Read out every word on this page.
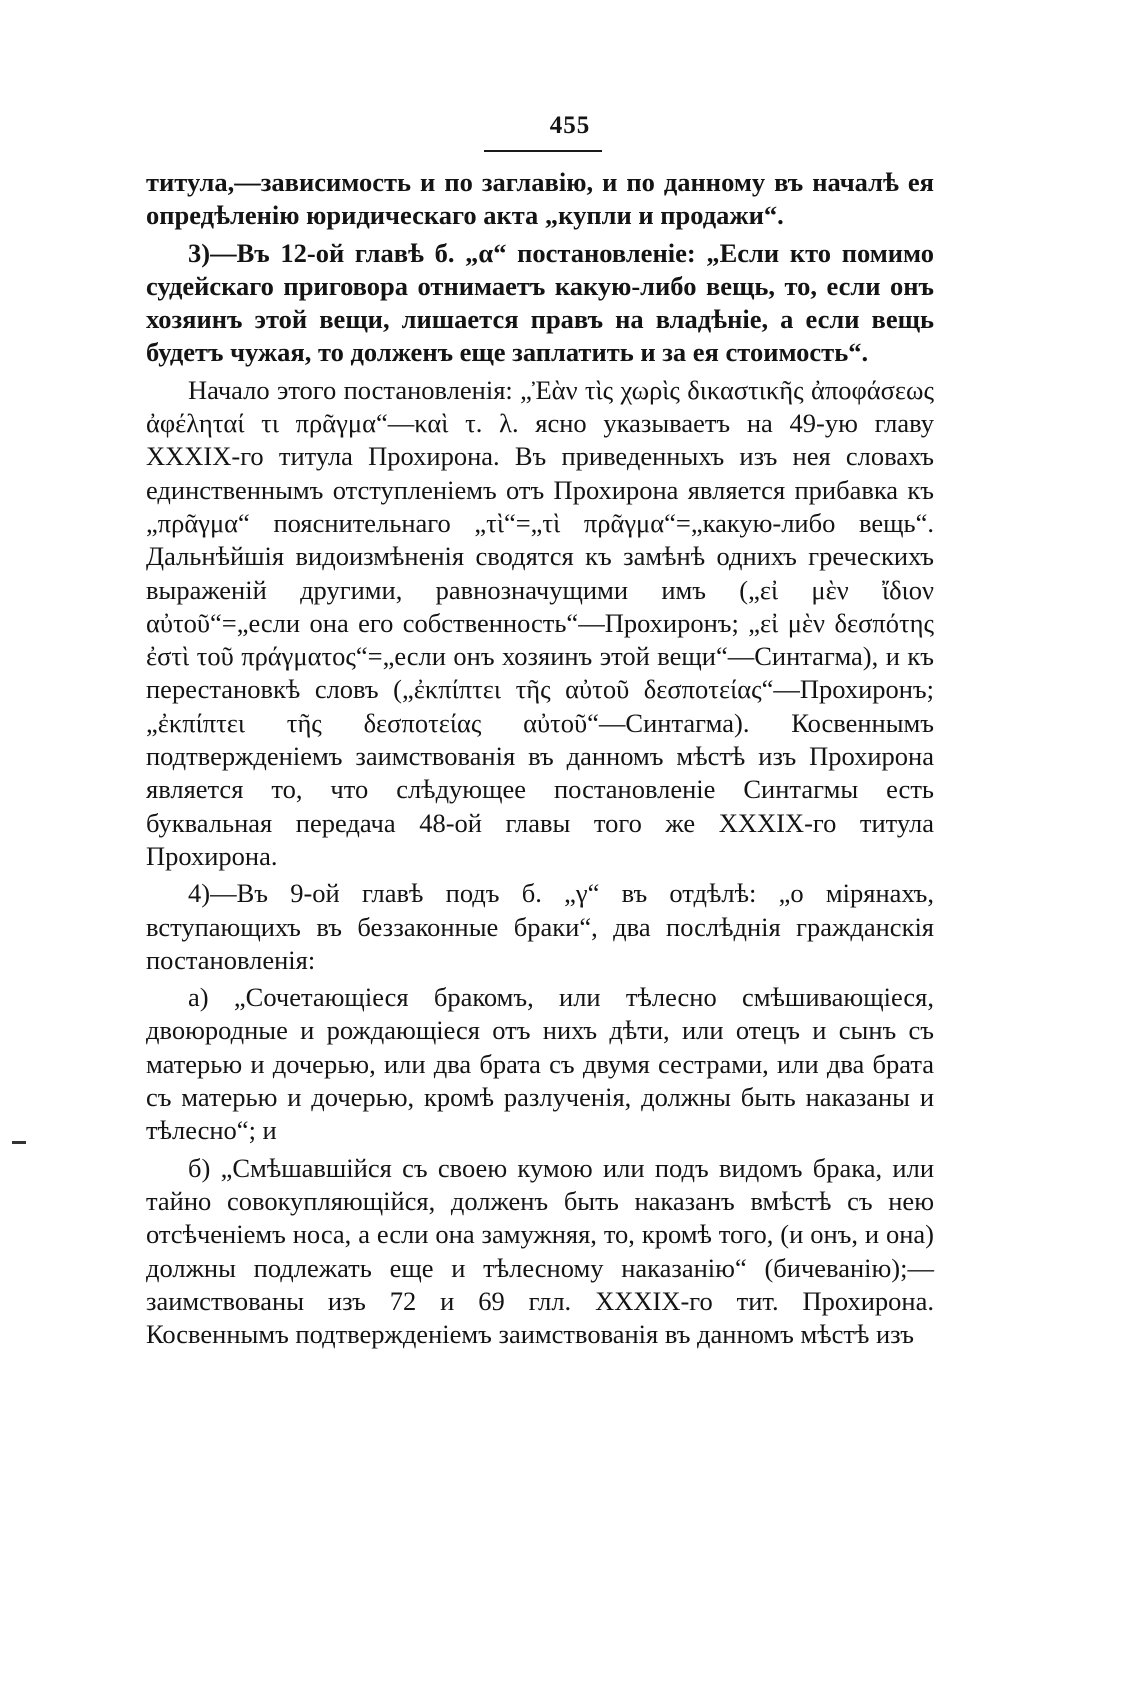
455

титула,—зависимость и по заглавію, и по данному въ началѣ ея опредѣленію юридическаго акта „купли и продажи“.

3)—Въ 12-ой главѣ б. „α“ постановленіе: „Если кто помимо судейскаго приговора отнимаетъ какую-либо вещь, то, если онъ хозяинъ этой вещи, лишается правъ на владѣніе, а если вещь будетъ чужая, то долженъ еще заплатить и за ея стоимость“.

Начало этого постановленія: „Ἐὰν τὶς χωρὶς δικαστικῆς ἀποφάσεως ἀφέληταί τι πρᾶγμα“—καὶ τ. λ. ясно указываетъ на 49-ую главу XXXIX-го титула Прохирона. Въ приведенныхъ изъ нея словахъ единственнымъ отступленіемъ отъ Прохирона является прибавка къ „πρᾶγμα“ пояснительнаго „τὶ“=„τὶ πρᾶγμα“=„какую-либо вещь“. Дальнѣйшія видоизмѣненія сводятся къ замѣнѣ однихъ греческихъ выраженій другими, равнозначущими имъ („εἰ μὲν ἴδιον αὐτοῦ“=„если она его собственность“—Прохиронъ; „εἰ μὲν δεσπότης ἐστὶ τοῦ πράγματος“=„если онъ хозяинъ этой вещи“—Синтагма), и къ перестановкѣ словъ („ἐκπίπτει τῆς αὐτοῦ δεσποτείας“—Прохиронъ; „ἐκπίπτει τῆς δεσποτείας αὐτοῦ“—Синтагма). Косвеннымъ подтвержденіемъ заимствованія въ данномъ мѣстѣ изъ Прохирона является то, что слѣдующее постановленіе Синтагмы есть буквальная передача 48-ой главы того же XXXIX-го титула Прохирона.

4)—Въ 9-ой главѣ подъ б. „γ“ въ отдѣлѣ: „о мірянахъ, вступающихъ въ беззаконные браки“, два послѣднія гражданскія постановленія:

а) „Сочетающіеся бракомъ, или тѣлесно смѣшивающіеся, двоюродные и рождающіеся отъ нихъ дѣти, или отецъ и сынъ съ матерью и дочерью, или два брата съ двумя сестрами, или два брата съ матерью и дочерью, кромѣ разлученія, должны быть наказаны и тѣлесно“; и

б) „Смѣшавшійся съ своею кумою или подъ видомъ брака, или тайно совокупляющійся, долженъ быть наказанъ вмѣстѣ съ нею отсѣченіемъ носа, а если она замужняя, то, кромѣ того, (и онъ, и она) должны подлежать еще и тѣлесному наказанію“ (бичеванію);—заимствованы изъ 72 и 69 глл. XXXIX-го тит. Прохирона. Косвеннымъ подтвержденіемъ заимствованія въ данномъ мѣстѣ изъ
